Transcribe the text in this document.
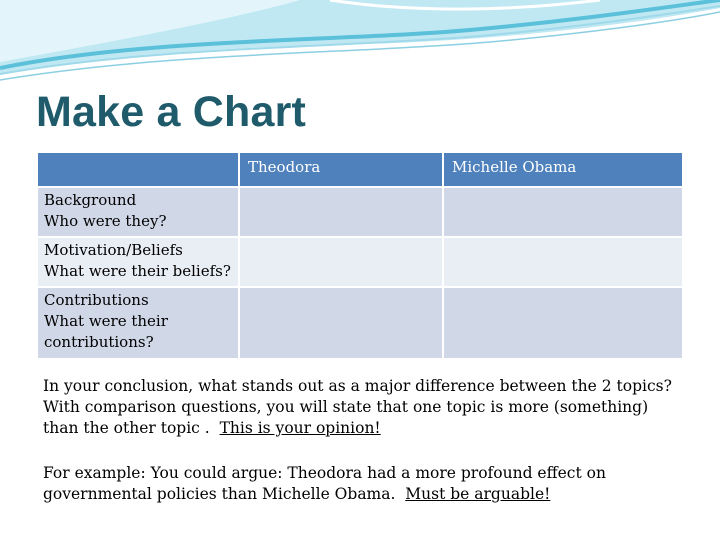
Make a Chart
	Theodora	Michelle Obama

Background
Who were they?		

Motivation/Beliefs
What were their beliefs?		

Contributions
What were their
contributions?		

In your conclusion, what stands out as a major difference between the 2 topics?
With comparison questions, you will state that one topic is more (something)
than the other topic .  This is your opinion!

For example: You could argue: Theodora had a more profound effect on
governmental policies than Michelle Obama.  Must be arguable!
